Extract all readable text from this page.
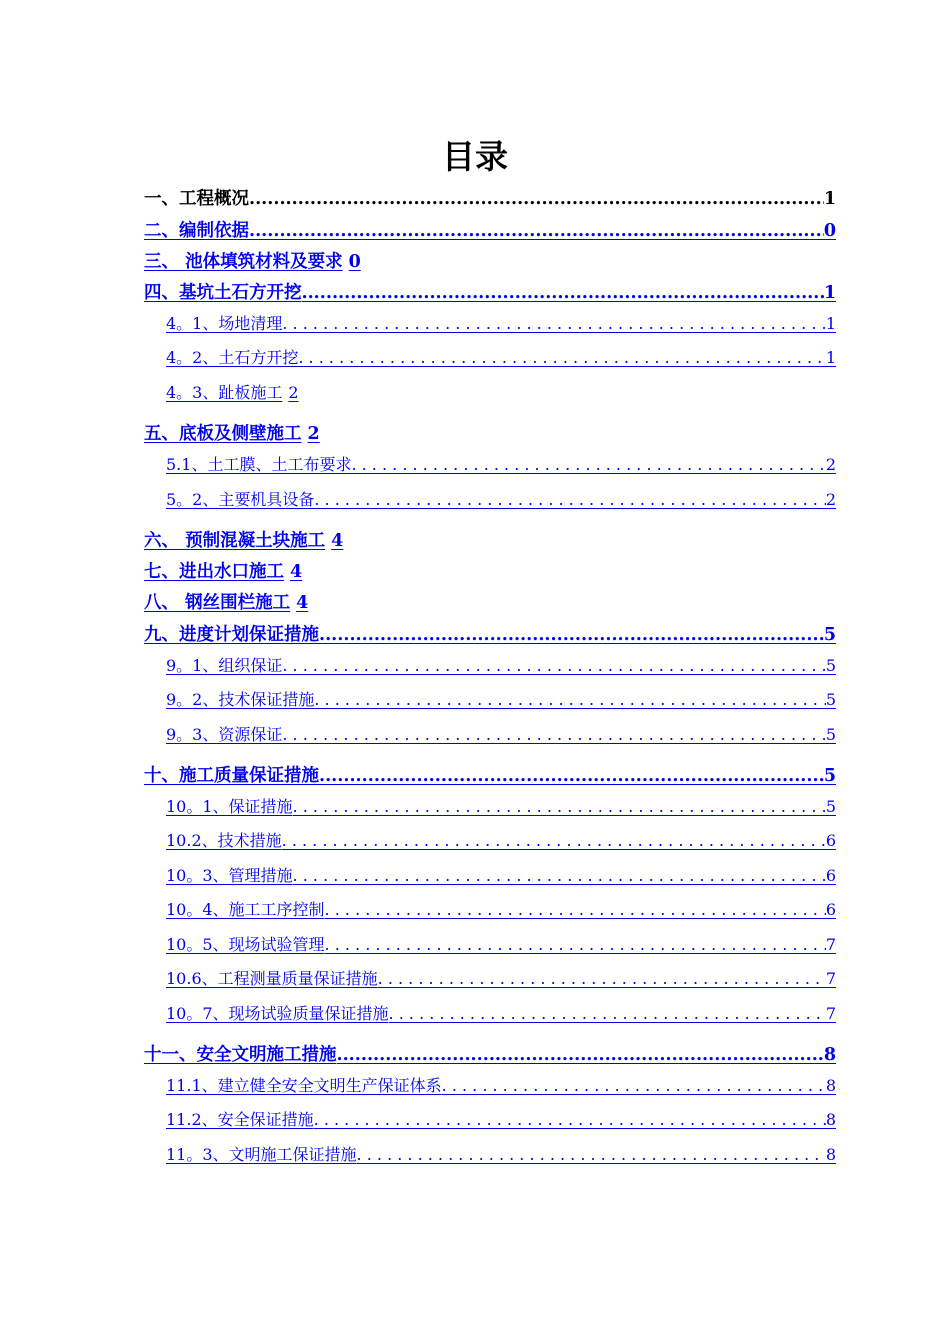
目录
一、工程概况 .....	1
二、编制依据 .....	0
三、 池体填筑材料及要求 0
四、基坑土石方开挖 .....	1
4。1、场地清理 . . .	1
4。2、土石方开挖 . . .	1
4。3、趾板施工 2
五、底板及侧壁施工 2
5.1、土工膜、土工布要求 . . .	2
5。2、主要机具设备 . . .	2
六、 预制混凝土块施工 4
七、进出水口施工 4
八、 钢丝围栏施工 4
九、进度计划保证措施 .....	5
9。1、组织保证 . . .	5
9。2、技术保证措施 . . .	5
9。3、资源保证 . . .	5
十、施工质量保证措施 .....	5
10。1、保证措施 . . .	5
10.2、技术措施 . . .	6
10。3、管理措施 . . .	6
10。4、施工工序控制 . . .	6
10。5、现场试验管理 . . .	7
10.6、工程测量质量保证措施 . . .	7
10。7、现场试验质量保证措施 . . .	7
十一、安全文明施工措施 .....	8
11.1、建立健全安全文明生产保证体系 . . .	8
11.2、安全保证措施 . . .	8
11。3、文明施工保证措施 . . .	8
